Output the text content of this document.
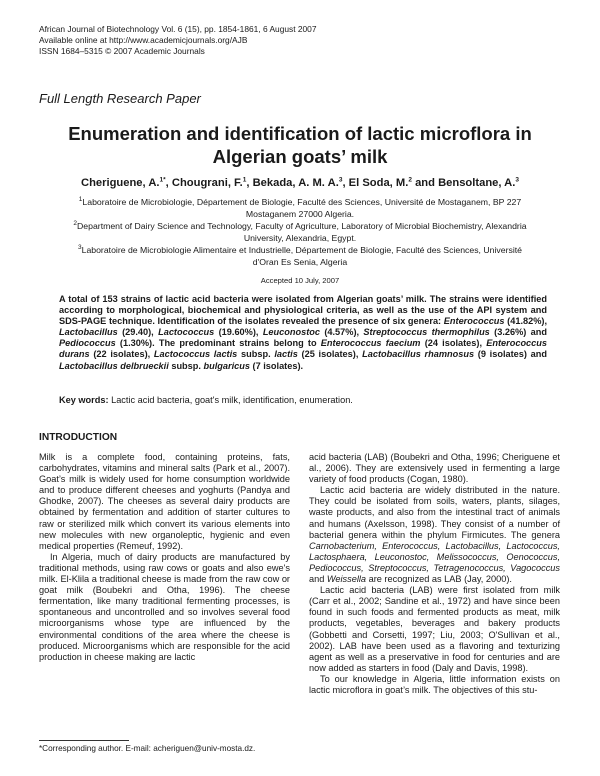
African Journal of Biotechnology Vol. 6 (15), pp. 1854-1861, 6 August 2007
Available online at http://www.academicjournals.org/AJB
ISSN 1684–5315 © 2007 Academic Journals
Full Length Research Paper
Enumeration and identification of lactic microflora in Algerian goats’ milk
Cheriguene, A.$^{1*}$, Chougrani, F.$^1$, Bekada, A. M. A.$^3$, El Soda, M.$^2$ and Bensoltane, A.$^3$

$^1$Laboratoire de Microbiologie, Département de Biologie, Faculté des Sciences, Université de Mostaganem, BP 227 Mostaganem 27000 Algeria.

$^2$Department of Dairy Science and Technology, Faculty of Agriculture, Laboratory of Microbial Biochemistry, Alexandria University, Alexandria, Egypt.

$^3$Laboratoire de Microbiologie Alimentaire et Industrielle, Département de Biologie, Faculté des Sciences, Université d'Oran Es Senia, Algeria

Accepted 10 July, 2007
A total of 153 strains of lactic acid bacteria were isolated from Algerian goats’ milk. The strains were identified according to morphological, biochemical and physiological criteria, as well as the use of the API system and SDS-PAGE technique. Identification of the isolates revealed the presence of six genera: Enterococcus (41.82%), Lactobacillus (29.40), Lactococcus (19.60%), Leuconostoc (4.57%), Streptococcus thermophilus (3.26%) and Pediococcus (1.30%). The predominant strains belong to Enterococcus faecium (24 isolates), Enterococcus durans (22 isolates), Lactococcus lactis subsp. lactis (25 isolates), Lactobacillus rhamnosus (9 isolates) and Lactobacillus delbrueckii subsp. bulgaricus (7 isolates).
Key words: Lactic acid bacteria, goat's milk, identification, enumeration.
INTRODUCTION

Milk is a complete food, containing proteins, fats, carbohydrates, vitamins and mineral salts (Park et al., 2007). Goat’s milk is widely used for home consumption worldwide and to produce different cheeses and yoghurts (Pandya and Ghodke, 2007). The cheeses as several dairy products are obtained by fermentation and addition of starter cultures to raw or sterilized milk which convert its various elements into new molecules with new organoleptic, hygienic and even medical properties (Remeuf, 1992).

In Algeria, much of dairy products are manufactured by traditional methods, using raw cows or goats and also ewe's milk. El-Klila a traditional cheese is made from the raw cow or goat milk (Boubekri and Otha, 1996). The cheese fermentation, like many traditional fermenting processes, is spontaneous and uncontrolled and so involves several food microorganisms whose type are influenced by the environmental conditions of the area where the cheese is produced. Microorganisms which are responsible for the acid production in cheese making are lactic

acid bacteria (LAB) (Boubekri and Otha, 1996; Cheriguene et al., 2006). They are extensively used in fermenting a large variety of food products (Cogan, 1980).

Lactic acid bacteria are widely distributed in the nature. They could be isolated from soils, waters, plants, silages, waste products, and also from the intestinal tract of animals and humans (Axelsson, 1998). They consist of a number of bacterial genera within the phylum Firmicutes. The genera Carnobacterium, Enterococcus, Lactobacillus, Lactococcus, Lactosphaera, Leuconostoc, Melissococcus, Oenococcus, Pediococcus, Streptococcus, Tetragenococcus, Vagococcus and Weissella are recognized as LAB (Jay, 2000).

Lactic acid bacteria (LAB) were first isolated from milk (Carr et al., 2002; Sandine et al., 1972) and have since been found in such foods and fermented products as meat, milk products, vegetables, beverages and bakery products (Gobbetti and Corsetti, 1997; Liu, 2003; O'Sullivan et al., 2002). LAB have been used as a flavoring and texturizing agent as well as a preservative in food for centuries and are now added as starters in food (Daly and Davis, 1998).

To our knowledge in Algeria, little information exists on lactic microflora in goat’s milk. The objectives of this stu-

*Corresponding author. E-mail: acheriguen@univ-mosta.dz.
